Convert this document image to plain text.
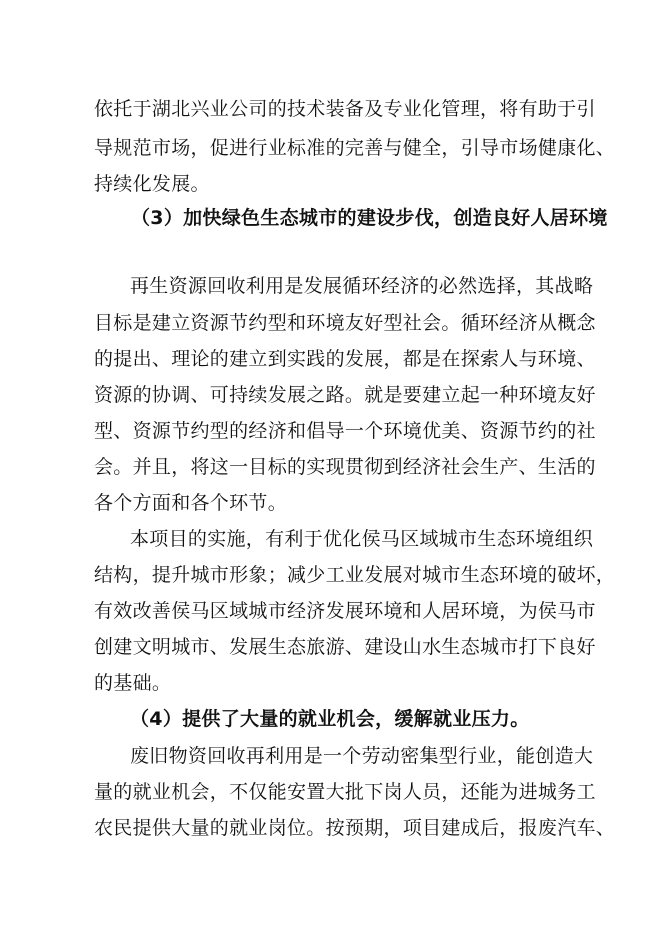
依托于湖北兴业公司的技术装备及专业化管理，将有助于引
导规范市场，促进行业标准的完善与健全，引导市场健康化、
持续化发展。
（3）加快绿色生态城市的建设步伐，创造良好人居环境
再生资源回收利用是发展循环经济的必然选择，其战略
目标是建立资源节约型和环境友好型社会。循环经济从概念
的提出、理论的建立到实践的发展，都是在探索人与环境、
资源的协调、可持续发展之路。就是要建立起一种环境友好
型、资源节约型的经济和倡导一个环境优美、资源节约的社
会。并且，将这一目标的实现贯彻到经济社会生产、生活的
各个方面和各个环节。
本项目的实施，有利于优化侯马区域城市生态环境组织
结构，提升城市形象；减少工业发展对城市生态环境的破坏，
有效改善侯马区域城市经济发展环境和人居环境，为侯马市
创建文明城市、发展生态旅游、建设山水生态城市打下良好
的基础。
（4）提供了大量的就业机会，缓解就业压力。
废旧物资回收再利用是一个劳动密集型行业，能创造大
量的就业机会，不仅能安置大批下岗人员，还能为进城务工
农民提供大量的就业岗位。按预期，项目建成后，报废汽车、
